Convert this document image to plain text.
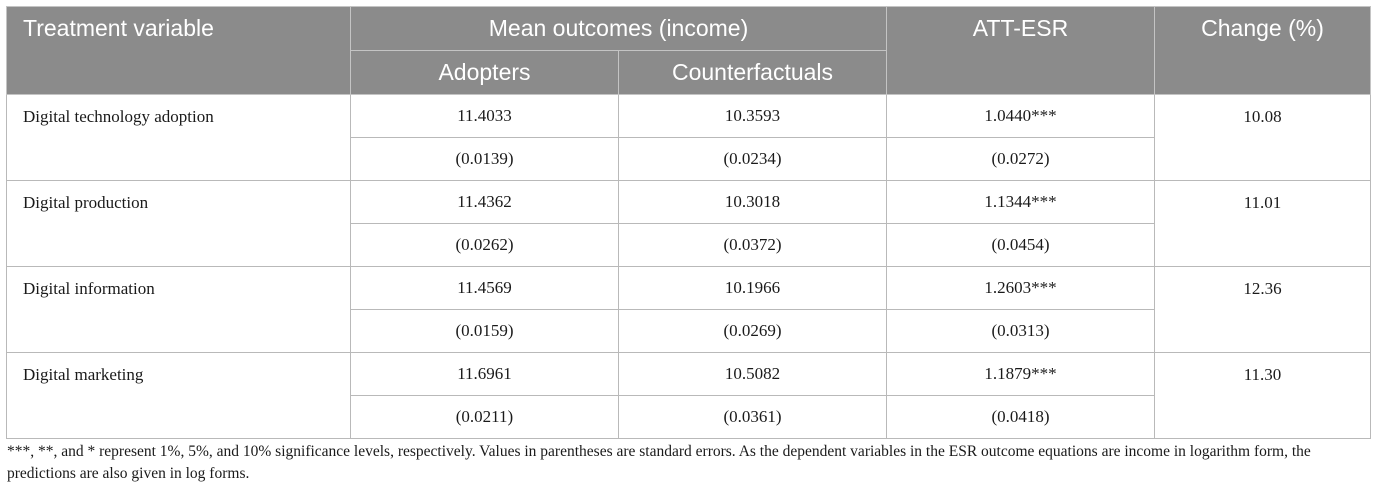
Treatment variable	Mean outcomes (income)		ATT-ESR	Change (%)
	Adopters	Counterfactuals		
Digital technology adoption	11.4033	10.3593	1.0440***	10.08
	(0.0139)	(0.0234)	(0.0272)	
Digital production	11.4362	10.3018	1.1344***	11.01
	(0.0262)	(0.0372)	(0.0454)	
Digital information	11.4569	10.1966	1.2603***	12.36
	(0.0159)	(0.0269)	(0.0313)	
Digital marketing	11.6961	10.5082	1.1879***	11.30
	(0.0211)	(0.0361)	(0.0418)	
***, **, and * represent 1%, 5%, and 10% significance levels, respectively. Values in parentheses are standard errors. As the dependent variables in the ESR outcome equations are income in logarithm form, the predictions are also given in log forms.
